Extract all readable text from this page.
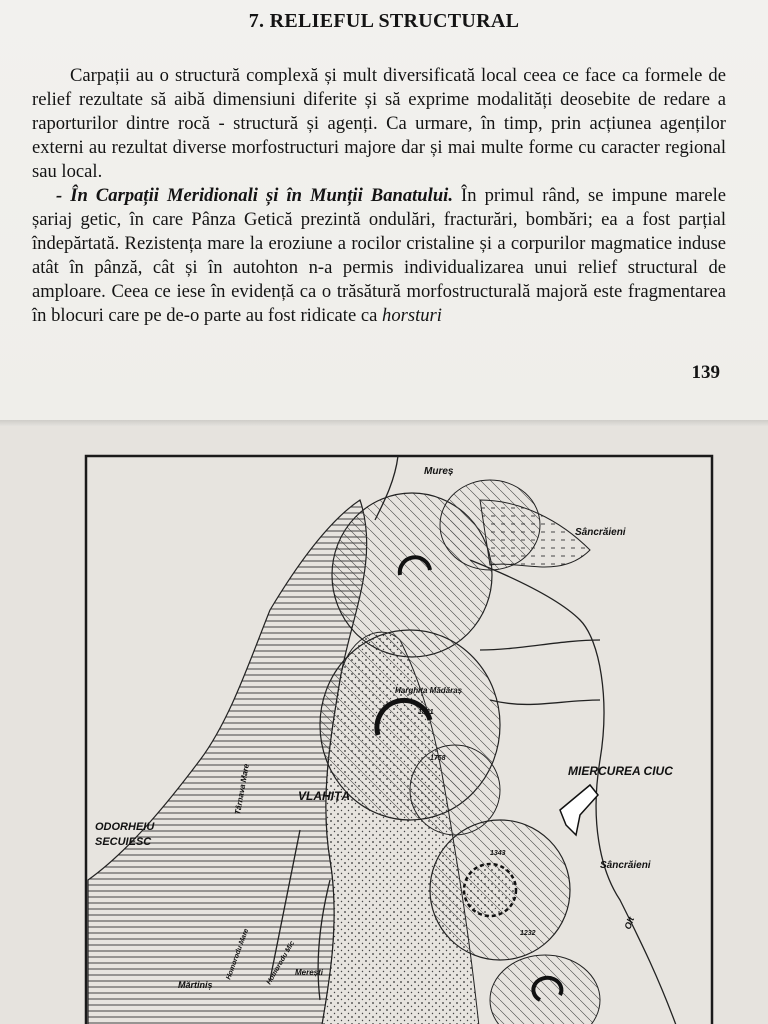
7. RELIEFUL STRUCTURAL

Carpații au o structură complexă și mult diversificată local ceea ce face ca formele de relief rezultate să aibă dimensiuni diferite și să exprime modalități deosebite de redare a raporturilor dintre rocă - structură și agenți. Ca urmare, în timp, prin acțiunea agenților externi au rezultat diverse morfostructuri majore dar și mai multe forme cu caracter regional sau local.

- În Carpații Meridionali și în Munții Banatului. În primul rând, se impune marele șariaj getic, în care Pânza Getică prezintă ondulări, fracturări, bombări; ea a fost parțial îndepărtată. Rezistența mare la eroziune a rocilor cristaline și a corpurilor magmatice induse atât în pânză, cât și în autohton n-a permis individualizarea unui relief structural de amploare. Ceea ce iese în evidență ca o trăsătură morfostructurală majoră este fragmentarea în blocuri care pe de-o parte au fost ridicate ca horsturi

139
Mureș
Sâncrăieni
MIERCUREA CIUC
ODORHEIU
SECUIESC
VLAHIȚA
Harghita Mădăraș
Mărtiniș
Merești
Sâncrăieni
Olt
Târnava Mare
Homorodu Mic
Homorodu Mare
1801
1758
1343
1232
